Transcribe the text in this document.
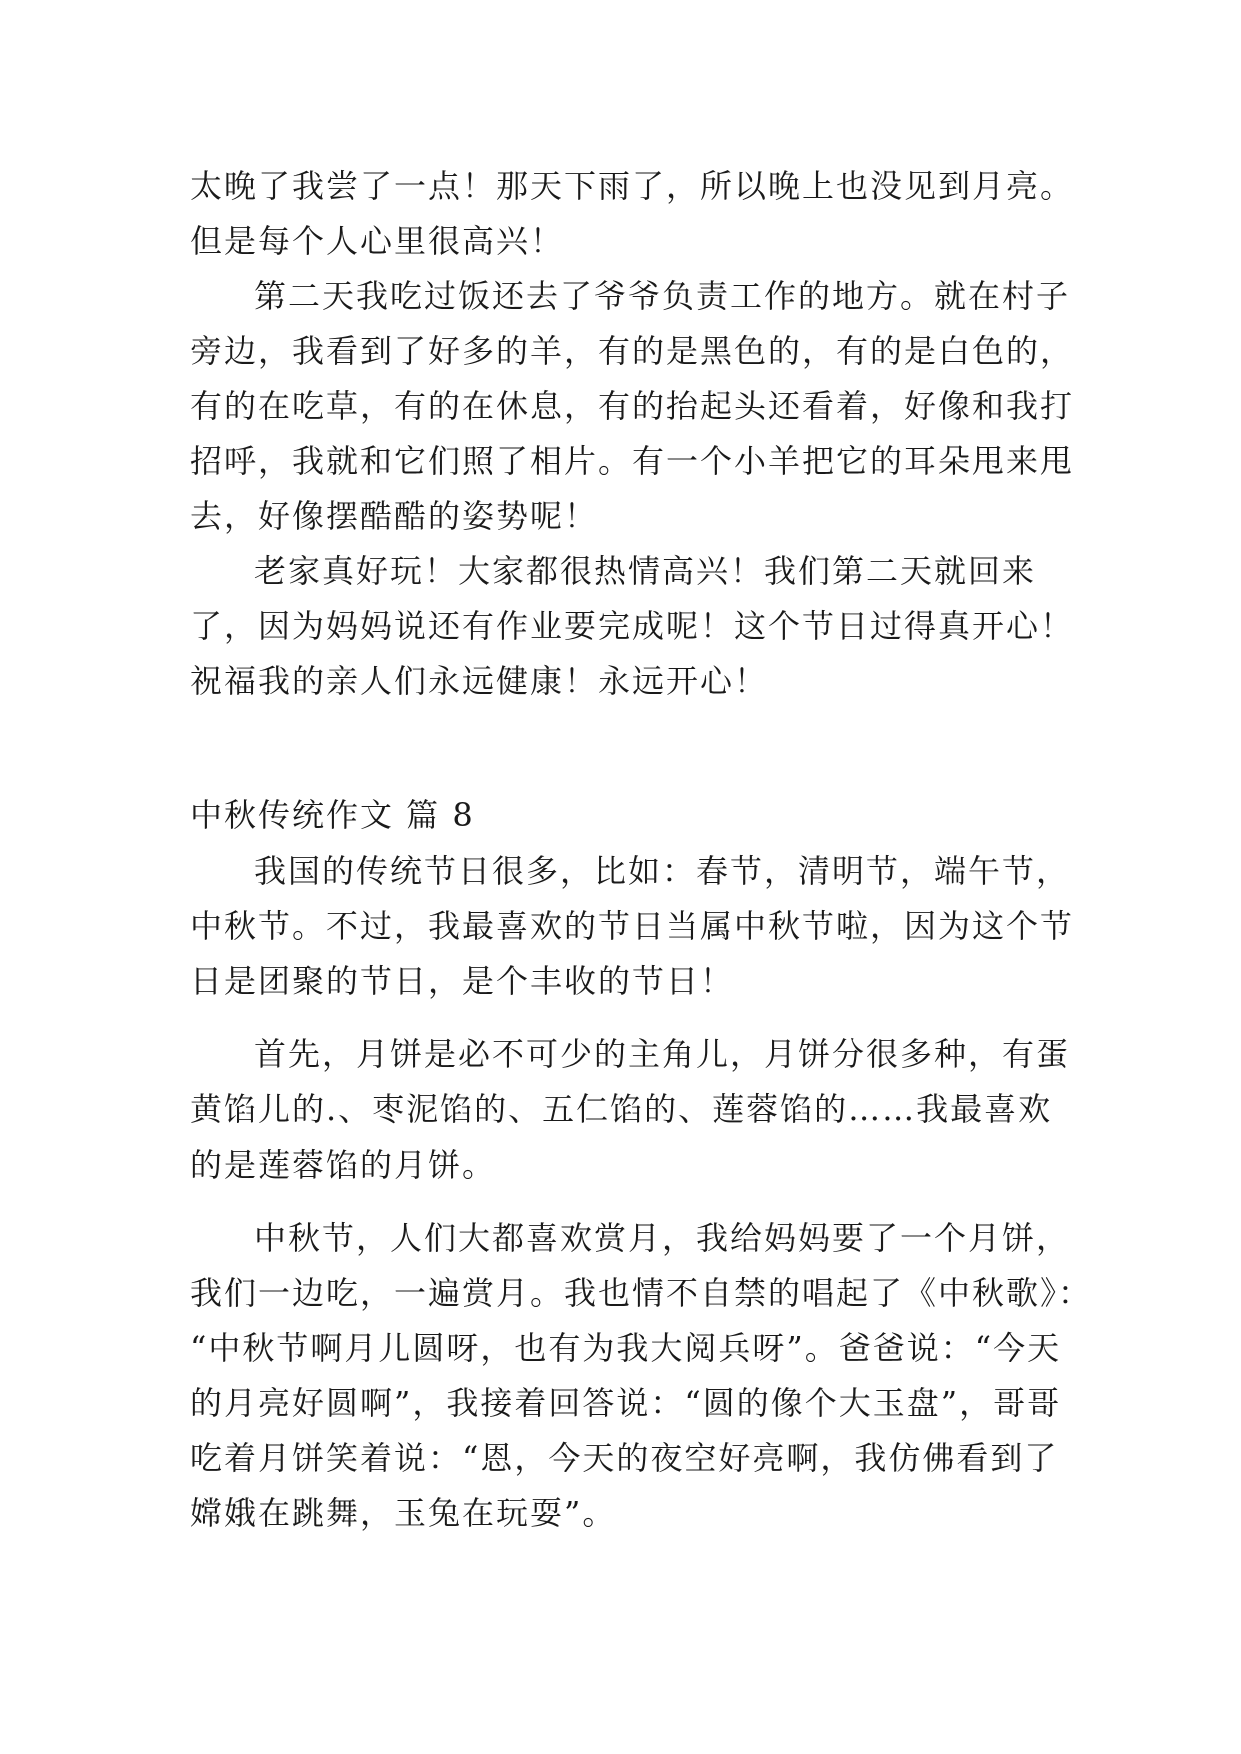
太晚了我尝了一点！那天下雨了，所以晚上也没见到月亮。
但是每个人心里很高兴！
第二天我吃过饭还去了爷爷负责工作的地方。就在村子
旁边，我看到了好多的羊，有的是黑色的，有的是白色的，
有的在吃草，有的在休息，有的抬起头还看着，好像和我打
招呼，我就和它们照了相片。有一个小羊把它的耳朵甩来甩
去，好像摆酷酷的姿势呢！
老家真好玩！大家都很热情高兴！我们第二天就回来
了，因为妈妈说还有作业要完成呢！这个节日过得真开心！
祝福我的亲人们永远健康！永远开心！
中秋传统作文 篇 8
我国的传统节日很多，比如：春节，清明节，端午节，
中秋节。不过，我最喜欢的节日当属中秋节啦，因为这个节
日是团聚的节日，是个丰收的节日！
首先，月饼是必不可少的主角儿，月饼分很多种，有蛋
黄馅儿的.、枣泥馅的、五仁馅的、莲蓉馅的……我最喜欢
的是莲蓉馅的月饼。
中秋节，人们大都喜欢赏月，我给妈妈要了一个月饼，
我们一边吃，一遍赏月。我也情不自禁的唱起了《中秋歌》：
“中秋节啊月儿圆呀，也有为我大阅兵呀”。爸爸说：“今天
的月亮好圆啊”，我接着回答说：“圆的像个大玉盘”，哥哥
吃着月饼笑着说：“恩，今天的夜空好亮啊，我仿佛看到了
嫦娥在跳舞，玉兔在玩耍”。
